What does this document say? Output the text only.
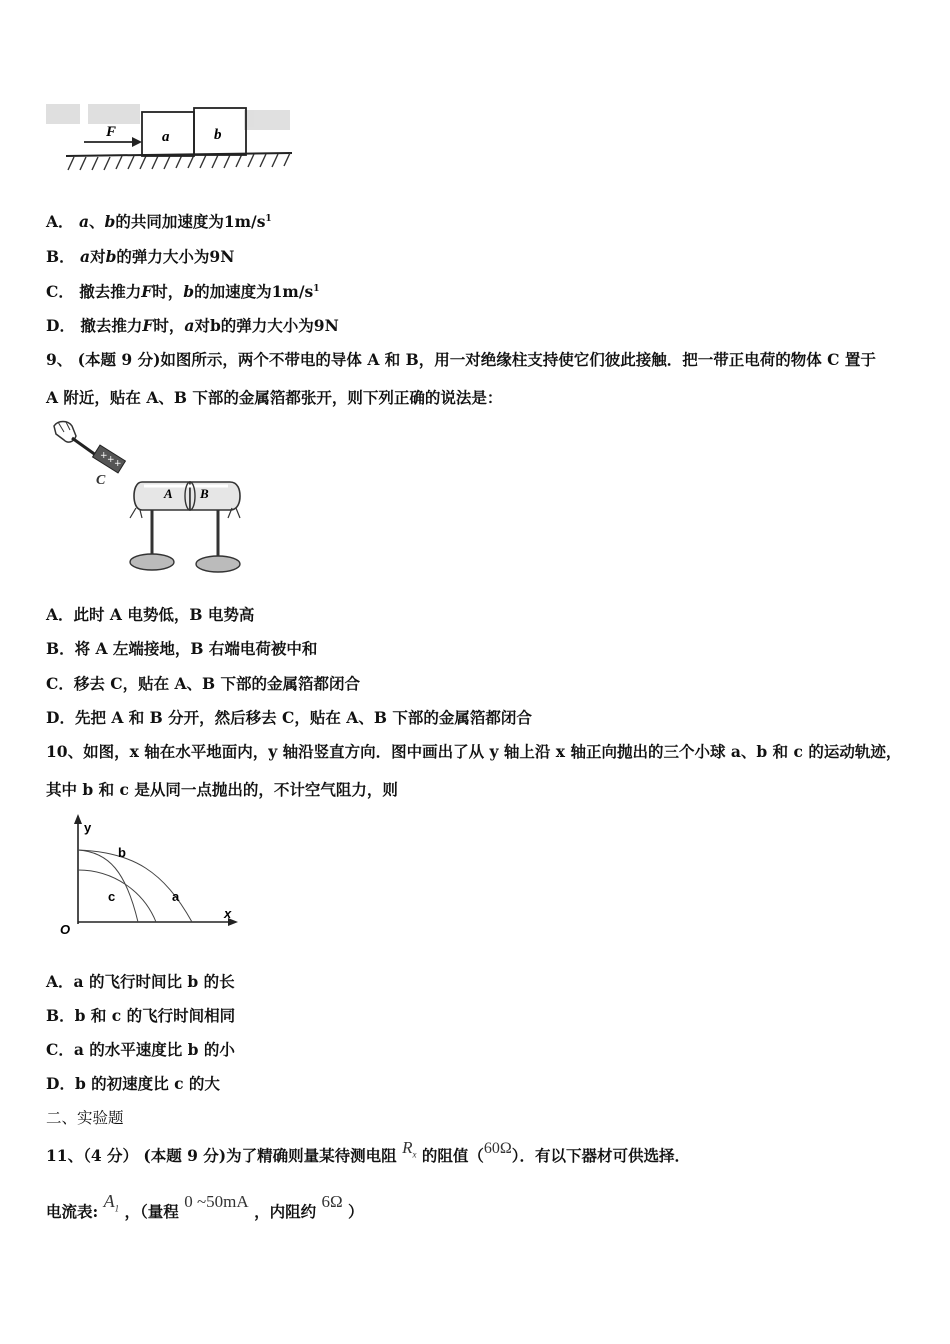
F	a	b
A． a、b的共同加速度为$1m/s^1$
B． a对b的弹力大小为9N
C． 撤去推力F时，b的加速度为$1m/s^1$
D． 撤去推力F时，a对b的弹力大小为9N
9、 (本题 9 分)如图所示，两个不带电的导体 A 和 B，用一对绝缘柱支持使它们彼此接触．把一带正电荷的物体 C 置于
A 附近，贴在 A、B 下部的金属箔都张开，则下列正确的说法是：
+ + +
C
A B
A．此时 A 电势低，B 电势高
B．将 A 左端接地，B 右端电荷被中和
C．移去 C，贴在 A、B 下部的金属箔都闭合
D．先把 A 和 B 分开，然后移去 C，贴在 A、B 下部的金属箔都闭合
10、如图，x 轴在水平地面内，y 轴沿竖直方向．图中画出了从 y 轴上沿 x 轴正向抛出的三个小球 a、b 和 c 的运动轨迹，
其中 b 和 c 是从同一点抛出的，不计空气阻力，则
y
x
O
b
c	a
A．a 的飞行时间比 b 的长
B．b 和 c 的飞行时间相同
C．a 的水平速度比 b 的小
D．b 的初速度比 c 的大
二、实验题
11、（4 分） (本题 9 分)为了精确则量某待测电阻 $R_x$ 的阻值（60Ω）．有以下器材可供选择．
电流表: $A_1$ ，（量程 0 ~50mA ，内阻约 6Ω ）
